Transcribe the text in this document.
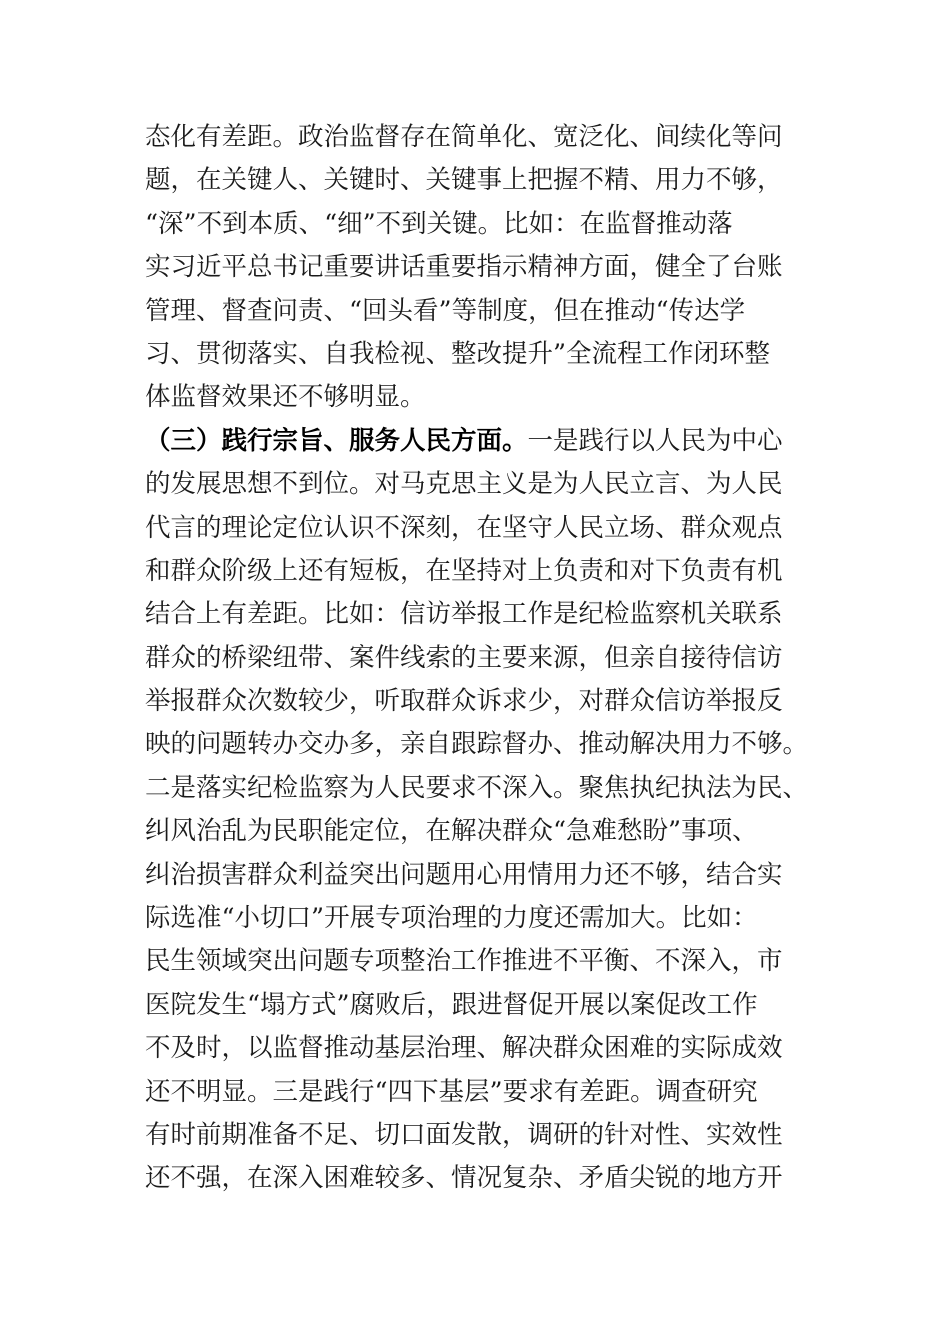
态化有差距。政治监督存在简单化、宽泛化、间续化等问
题，在关键人、关键时、关键事上把握不精、用力不够，
“深”不到本质、“细”不到关键。比如：在监督推动落
实习近平总书记重要讲话重要指示精神方面，健全了台账
管理、督查问责、“回头看”等制度，但在推动“传达学
习、贯彻落实、自我检视、整改提升”全流程工作闭环整
体监督效果还不够明显。
（三）践行宗旨、服务人民方面。一是践行以人民为中心
的发展思想不到位。对马克思主义是为人民立言、为人民
代言的理论定位认识不深刻，在坚守人民立场、群众观点
和群众阶级上还有短板，在坚持对上负责和对下负责有机
结合上有差距。比如：信访举报工作是纪检监察机关联系
群众的桥梁纽带、案件线索的主要来源，但亲自接待信访
举报群众次数较少，听取群众诉求少，对群众信访举报反
映的问题转办交办多，亲自跟踪督办、推动解决用力不够。
二是落实纪检监察为人民要求不深入。聚焦执纪执法为民、
纠风治乱为民职能定位，在解决群众“急难愁盼”事项、
纠治损害群众利益突出问题用心用情用力还不够，结合实
际选准“小切口”开展专项治理的力度还需加大。比如：
民生领域突出问题专项整治工作推进不平衡、不深入，市
医院发生“塌方式”腐败后，跟进督促开展以案促改工作
不及时，以监督推动基层治理、解决群众困难的实际成效
还不明显。三是践行“四下基层”要求有差距。调查研究
有时前期准备不足、切口面发散，调研的针对性、实效性
还不强，在深入困难较多、情况复杂、矛盾尖锐的地方开
